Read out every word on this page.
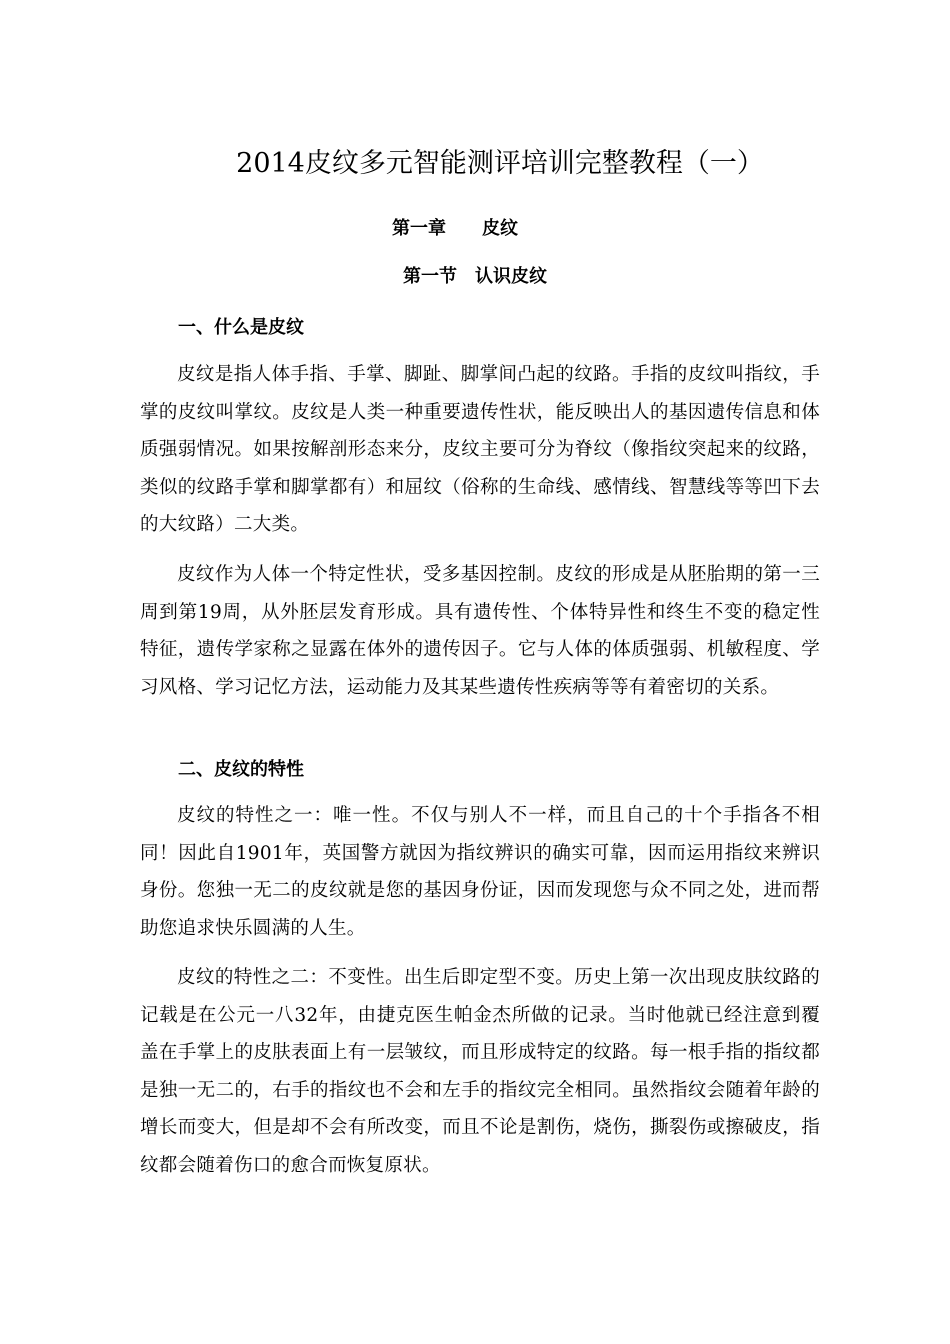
2014皮纹多元智能测评培训完整教程（一）
第一章　　皮纹
第一节　认识皮纹
一、什么是皮纹

皮纹是指人体手指、手掌、脚趾、脚掌间凸起的纹路。手指的皮纹叫指纹，手掌的皮纹叫掌纹。皮纹是人类一种重要遗传性状，能反映出人的基因遗传信息和体质强弱情况。如果按解剖形态来分，皮纹主要可分为脊纹（像指纹突起来的纹路，类似的纹路手掌和脚掌都有）和屈纹（俗称的生命线、感情线、智慧线等等凹下去的大纹路）二大类。

皮纹作为人体一个特定性状，受多基因控制。皮纹的形成是从胚胎期的第一三周到第19周，从外胚层发育形成。具有遗传性、个体特异性和终生不变的稳定性特征，遗传学家称之显露在体外的遗传因子。它与人体的体质强弱、机敏程度、学习风格、学习记忆方法，运动能力及其某些遗传性疾病等等有着密切的关系。

二、皮纹的特性

皮纹的特性之一：唯一性。不仅与别人不一样，而且自己的十个手指各不相同！因此自1901年，英国警方就因为指纹辨识的确实可靠，因而运用指纹来辨识身份。您独一无二的皮纹就是您的基因身份证，因而发现您与众不同之处，进而帮助您追求快乐圆满的人生。

皮纹的特性之二：不变性。出生后即定型不变。历史上第一次出现皮肤纹路的记载是在公元一八32年，由捷克医生帕金杰所做的记录。当时他就已经注意到覆盖在手掌上的皮肤表面上有一层皱纹，而且形成特定的纹路。每一根手指的指纹都是独一无二的，右手的指纹也不会和左手的指纹完全相同。虽然指纹会随着年龄的增长而变大，但是却不会有所改变，而且不论是割伤，烧伤，撕裂伤或擦破皮，指纹都会随着伤口的愈合而恢复原状。
